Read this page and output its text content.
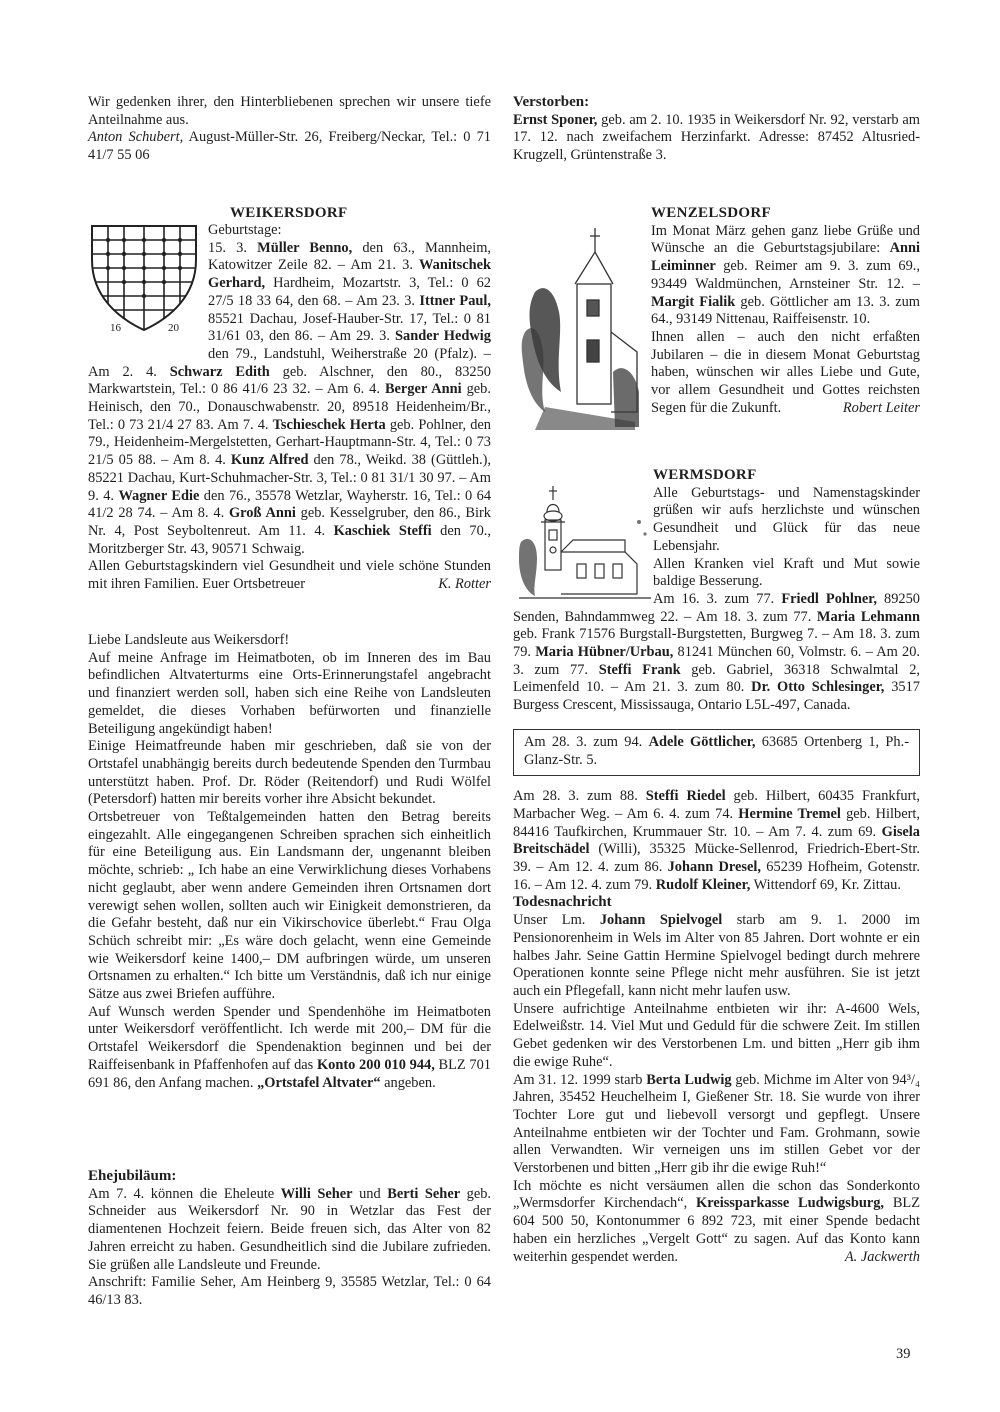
Wir gedenken ihrer, den Hinterbliebenen sprechen wir unsere tiefe Anteilnahme aus.

Anton Schubert, August-Müller-Str. 26, Freiberg/Neckar, Tel.: 0 71 41/7 55 06

16	20

WEIKERSDORF

Geburtstage:

15. 3. Müller Benno, den 63., Mannheim, Katowitzer Zeile 82. – Am 21. 3. Wanitschek Gerhard, Hardheim, Mozartstr. 3, Tel.: 0 62 27/5 18 33 64, den 68. – Am 23. 3. Ittner Paul, 85521 Dachau, Josef-Hauber-Str. 17, Tel.: 0 81 31/61 03, den 86. – Am 29. 3. Sander Hedwig den 79., Landstuhl, Weiherstraße 20 (Pfalz). – Am 2. 4. Schwarz Edith geb. Alschner, den 80., 83250 Markwartstein, Tel.: 0 86 41/6 23 32. – Am 6. 4. Berger Anni geb. Heinisch, den 70., Donauschwabenstr. 20, 89518 Heidenheim/Br., Tel.: 0 73 21/4 27 83. Am 7. 4. Tschieschek Herta geb. Pohlner, den 79., Heidenheim-Mergelstetten, Gerhart-Hauptmann-Str. 4, Tel.: 0 73 21/5 05 88. – Am 8. 4. Kunz Alfred den 78., Weikd. 38 (Güttleh.), 85221 Dachau, Kurt-Schuhmacher-Str. 3, Tel.: 0 81 31/1 30 97. – Am 9. 4. Wagner Edie den 76., 35578 Wetzlar, Wayherstr. 16, Tel.: 0 64 41/2 28 74. – Am 8. 4. Groß Anni geb. Kesselgruber, den 86., Birk Nr. 4, Post Seyboltenreut. Am 11. 4. Kaschiek Steffi den 70., Moritzberger Str. 43, 90571 Schwaig.

Allen Geburtstagskindern viel Gesundheit und viele schöne Stunden mit ihren Familien. Euer Ortsbetreuer	K. Rotter

Liebe Landsleute aus Weikersdorf!

Auf meine Anfrage im Heimatboten, ob im Inneren des im Bau befindlichen Altvaterturms eine Orts-Erinnerungstafel angebracht und finanziert werden soll, haben sich eine Reihe von Landsleuten gemeldet, die dieses Vorhaben befürworten und finanzielle Beteiligung angekündigt haben!

Einige Heimatfreunde haben mir geschrieben, daß sie von der Ortstafel unabhängig bereits durch bedeutende Spenden den Turmbau unterstützt haben. Prof. Dr. Röder (Reitendorf) und Rudi Wölfel (Petersdorf) hatten mir bereits vorher ihre Absicht bekundet.

Ortsbetreuer von Teßtalgemeinden hatten den Betrag bereits eingezahlt. Alle eingegangenen Schreiben sprachen sich einheitlich für eine Beteiligung aus. Ein Landsmann der, ungenannt bleiben möchte, schrieb: „ Ich habe an eine Verwirklichung dieses Vorhabens nicht geglaubt, aber wenn andere Gemeinden ihren Ortsnamen dort verewigt sehen wollen, sollten auch wir Einigkeit demonstrieren, da die Gefahr besteht, daß nur ein Vikirschovice überlebt.“ Frau Olga Schüch schreibt mir: „Es wäre doch gelacht, wenn eine Gemeinde wie Weikersdorf keine 1400,– DM aufbringen würde, um unseren Ortsnamen zu erhalten.“ Ich bitte um Verständnis, daß ich nur einige Sätze aus zwei Briefen aufführe.

Auf Wunsch werden Spender und Spendenhöhe im Heimatboten unter Weikersdorf veröffentlicht. Ich werde mit 200,– DM für die Ortstafel Weikersdorf die Spendenaktion beginnen und bei der Raiffeisenbank in Pfaffenhofen auf das Konto 200 010 944, BLZ 701 691 86, den Anfang machen. „Ortstafel Altvater“ angeben.

Ehejubiläum:

Am 7. 4. können die Eheleute Willi Seher und Berti Seher geb. Schneider aus Weikersdorf Nr. 90 in Wetzlar das Fest der diamentenen Hochzeit feiern. Beide freuen sich, das Alter von 82 Jahren erreicht zu haben. Gesundheitlich sind die Jubilare zufrieden. Sie grüßen alle Landsleute und Freunde.

Anschrift: Familie Seher, Am Heinberg 9, 35585 Wetzlar, Tel.: 0 64 46/13 83.

Verstorben:

Ernst Sponer, geb. am 2. 10. 1935 in Weikersdorf Nr. 92, verstarb am 17. 12. nach zweifachem Herzinfarkt. Adresse: 87452 Altusried-Krugzell, Grüntenstraße 3.

WENZELSDORF

Im Monat März gehen ganz liebe Grüße und Wünsche an die Geburtstagsjubilare: Anni Leiminner geb. Reimer am 9. 3. zum 69., 93449 Waldmünchen, Arnsteiner Str. 12. – Margit Fialik geb. Göttlicher am 13. 3. zum 64., 93149 Nittenau, Raiffeisenstr. 10.

Ihnen allen – auch den nicht erfaßten Jubilaren – die in diesem Monat Geburtstag haben, wünschen wir alles Liebe und Gute, vor allem Gesundheit und Gottes reichsten Segen für die Zukunft.	Robert Leiter

WERMSDORF

Alle Geburtstags- und Namenstagskinder grüßen wir aufs herzlichste und wünschen Gesundheit und Glück für das neue Lebensjahr.

Allen Kranken viel Kraft und Mut sowie baldige Besserung.

Am 16. 3. zum 77. Friedl Pohlner, 89250 Senden, Bahndammweg 22. – Am 18. 3. zum 77. Maria Lehmann geb. Frank 71576 Burgstall-Burgstetten, Burgweg 7. – Am 18. 3. zum 79. Maria Hübner/Urbau, 81241 München 60, Volmstr. 6. – Am 20. 3. zum 77. Steffi Frank geb. Gabriel, 36318 Schwalmtal 2, Leimenfeld 10. – Am 21. 3. zum 80. Dr. Otto Schlesinger, 3517 Burgess Crescent, Mississauga, Ontario L5L-497, Canada.

Am 28. 3. zum 94. Adele Göttlicher, 63685 Ortenberg 1, Ph.-Glanz-Str. 5.

Am 28. 3. zum 88. Steffi Riedel geb. Hilbert, 60435 Frankfurt, Marbacher Weg. – Am 6. 4. zum 74. Hermine Tremel geb. Hilbert, 84416 Taufkirchen, Krummauer Str. 10. – Am 7. 4. zum 69. Gisela Breitschädel (Willi), 35325 Mücke-Sellenrod, Friedrich-Ebert-Str. 39. – Am 12. 4. zum 86. Johann Dresel, 65239 Hofheim, Gotenstr. 16. – Am 12. 4. zum 79. Rudolf Kleiner, Wittendorf 69, Kr. Zittau.

Todesnachricht

Unser Lm. Johann Spielvogel starb am 9. 1. 2000 im Pensionorenheim in Wels im Alter von 85 Jahren. Dort wohnte er ein halbes Jahr. Seine Gattin Hermine Spielvogel bedingt durch mehrere Operationen konnte seine Pflege nicht mehr ausführen. Sie ist jetzt auch ein Pflegefall, kann nicht mehr laufen usw.

Unsere aufrichtige Anteilnahme entbieten wir ihr: A-4600 Wels, Edelweißstr. 14. Viel Mut und Geduld für die schwere Zeit. Im stillen Gebet gedenken wir des Verstorbenen Lm. und bitten „Herr gib ihm die ewige Ruhe“.

Am 31. 12. 1999 starb Berta Ludwig geb. Michme im Alter von 94³/₄ Jahren, 35452 Heuchelheim I, Gießener Str. 18. Sie wurde von ihrer Tochter Lore gut und liebevoll versorgt und gepflegt. Unsere Anteilnahme entbieten wir der Tochter und Fam. Grohmann, sowie allen Verwandten. Wir verneigen uns im stillen Gebet vor der Verstorbenen und bitten „Herr gib ihr die ewige Ruh!“

Ich möchte es nicht versäumen allen die schon das Sonderkonto „Wermsdorfer Kirchendach“, Kreissparkasse Ludwigsburg, BLZ 604 500 50, Kontonummer 6 892 723, mit einer Spende bedacht haben ein herzliches „Vergelt Gott“ zu sagen. Auf das Konto kann weiterhin gespendet werden.	A. Jackwerth

39
